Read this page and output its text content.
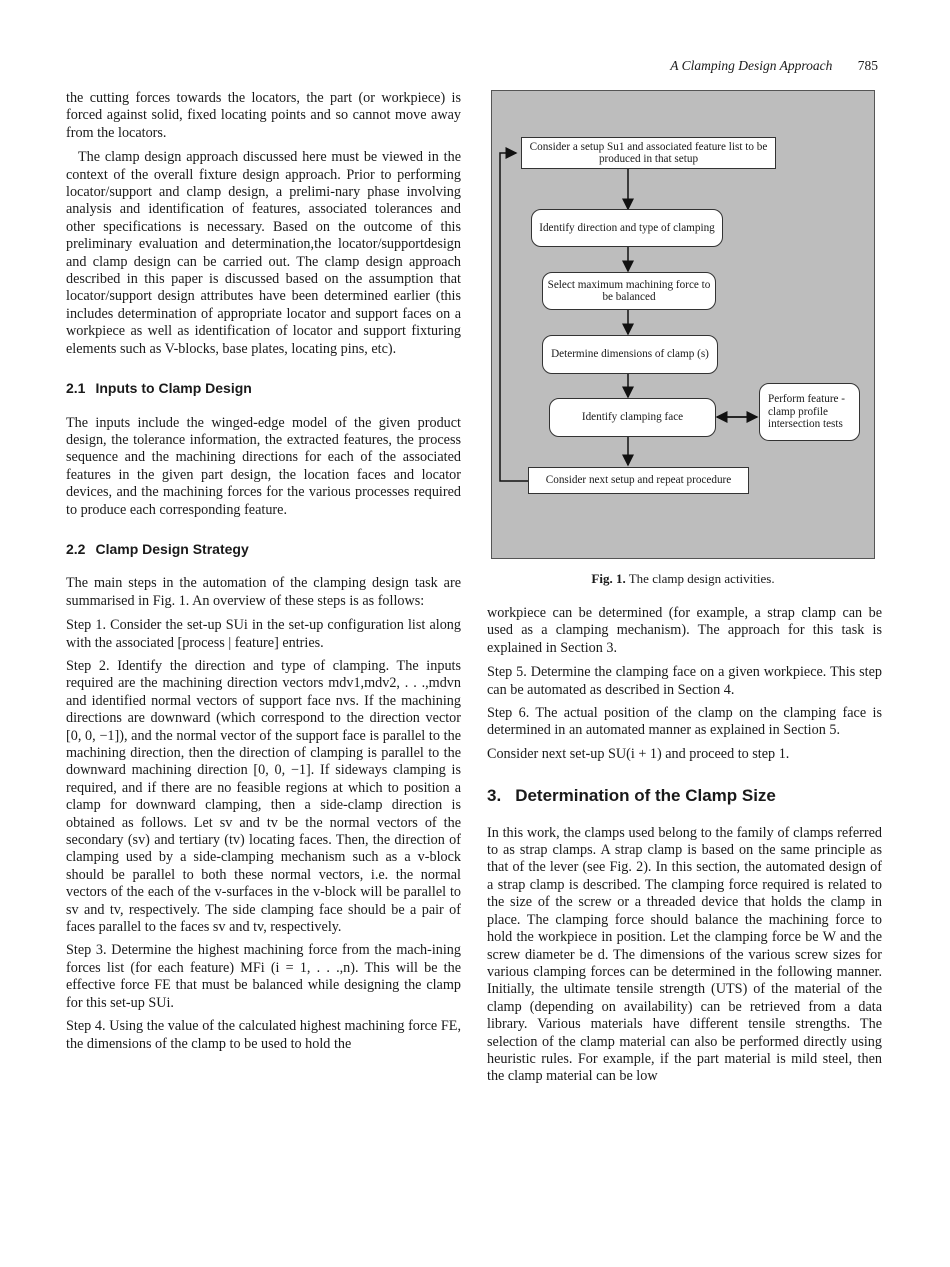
A Clamping Design Approach 785

the cutting forces towards the locators, the part (or workpiece) is forced against solid, fixed locating points and so cannot move away from the locators.

The clamp design approach discussed here must be viewed in the context of the overall fixture design approach. Prior to performing locator/support and clamp design, a prelimi-nary phase involving analysis and identification of features, associated tolerances and other specifications is necessary. Based on the outcome of this preliminary evaluation and determination,the locator/supportdesign and clamp design can be carried out. The clamp design approach described in this paper is discussed based on the assumption that locator/support design attributes have been determined earlier (this includes determination of appropriate locator and support faces on a workpiece as well as identification of locator and support fixturing elements such as V-blocks, base plates, locating pins, etc).

2.1 Inputs to Clamp Design

The inputs include the winged-edge model of the given product design, the tolerance information, the extracted features, the process sequence and the machining directions for each of the associated features in the given part design, the location faces and locator devices, and the machining forces for the various processes required to produce each corresponding feature.

2.2 Clamp Design Strategy

The main steps in the automation of the clamping design task are summarised in Fig. 1. An overview of these steps is as follows:

Step 1. Consider the set-up SUi in the set-up configuration list along with the associated [process | feature] entries.

Step 2. Identify the direction and type of clamping. The inputs required are the machining direction vectors mdv1,mdv2, . . .,mdvn and identified normal vectors of support face nvs. If the machining directions are downward (which correspond to the direction vector [0, 0, −1]), and the normal vector of the support face is parallel to the machining direction, then the direction of clamping is parallel to the downward machining direction [0, 0, −1]. If sideways clamping is required, and if there are no feasible regions at which to position a clamp for downward clamping, then a side-clamp direction is obtained as follows. Let sv and tv be the normal vectors of the secondary (sv) and tertiary (tv) locating faces. Then, the direction of clamping used by a side-clamping mechanism such as a v-block should be parallel to both these normal vectors, i.e. the normal vectors of the each of the v-surfaces in the v-block will be parallel to sv and tv, respectively. The side clamping face should be a pair of faces parallel to the faces sv and tv, respectively.

Step 3. Determine the highest machining force from the mach-ining forces list (for each feature) MFi (i = 1, . . .,n). This will be the effective force FE that must be balanced while designing the clamp for this set-up SUi.

Step 4. Using the value of the calculated highest machining force FE, the dimensions of the clamp to be used to hold the

Consider a setup Su1 and associated feature list to be produced in that setup
Identify direction and type of clamping
Select maximum machining force to be balanced
Determine dimensions of clamp (s)
Identify clamping face
Perform feature - clamp profile intersection tests
Consider next setup and repeat procedure
Fig. 1. The clamp design activities.

workpiece can be determined (for example, a strap clamp can be used as a clamping mechanism). The approach for this task is explained in Section 3.

Step 5. Determine the clamping face on a given workpiece. This step can be automated as described in Section 4.

Step 6. The actual position of the clamp on the clamping face is determined in an automated manner as explained in Section 5.

Consider next set-up SU(i + 1) and proceed to step 1.

3. Determination of the Clamp Size

In this work, the clamps used belong to the family of clamps referred to as strap clamps. A strap clamp is based on the same principle as that of the lever (see Fig. 2). In this section, the automated design of a strap clamp is described. The clamping force required is related to the size of the screw or a threaded device that holds the clamp in place. The clamping force should balance the machining force to hold the workpiece in position. Let the clamping force be W and the screw diameter be d. The dimensions of the various screw sizes for various clamping forces can be determined in the following manner. Initially, the ultimate tensile strength (UTS) of the material of the clamp (depending on availability) can be retrieved from a data library. Various materials have different tensile strengths. The selection of the clamp material can also be performed directly using heuristic rules. For example, if the part material is mild steel, then the clamp material can be low
